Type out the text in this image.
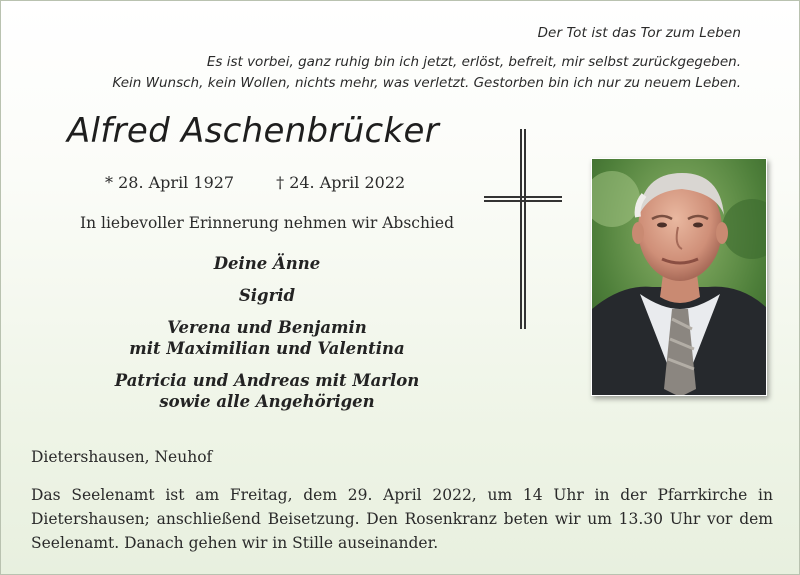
Der Tot ist das Tor zum Leben
Es ist vorbei, ganz ruhig bin ich jetzt, erlöst, befreit, mir selbst zurückgegeben.
Kein Wunsch, kein Wollen, nichts mehr, was verletzt. Gestorben bin ich nur zu neuem Leben.
Alfred Aschenbrücker
* 28. April 1927	† 24. April 2022
In liebevoller Erinnerung nehmen wir Abschied
Deine Änne
Sigrid
Verena und Benjamin
mit Maximilian und Valentina
Patricia und Andreas mit Marlon
sowie alle Angehörigen
Dietershausen, Neuhof
Das Seelenamt ist am Freitag, dem 29. April 2022, um 14 Uhr in der Pfarrkirche in Dietershausen; anschließend Beisetzung. Den Rosenkranz beten wir um 13.30 Uhr vor dem Seelenamt. Danach gehen wir in Stille auseinander.
